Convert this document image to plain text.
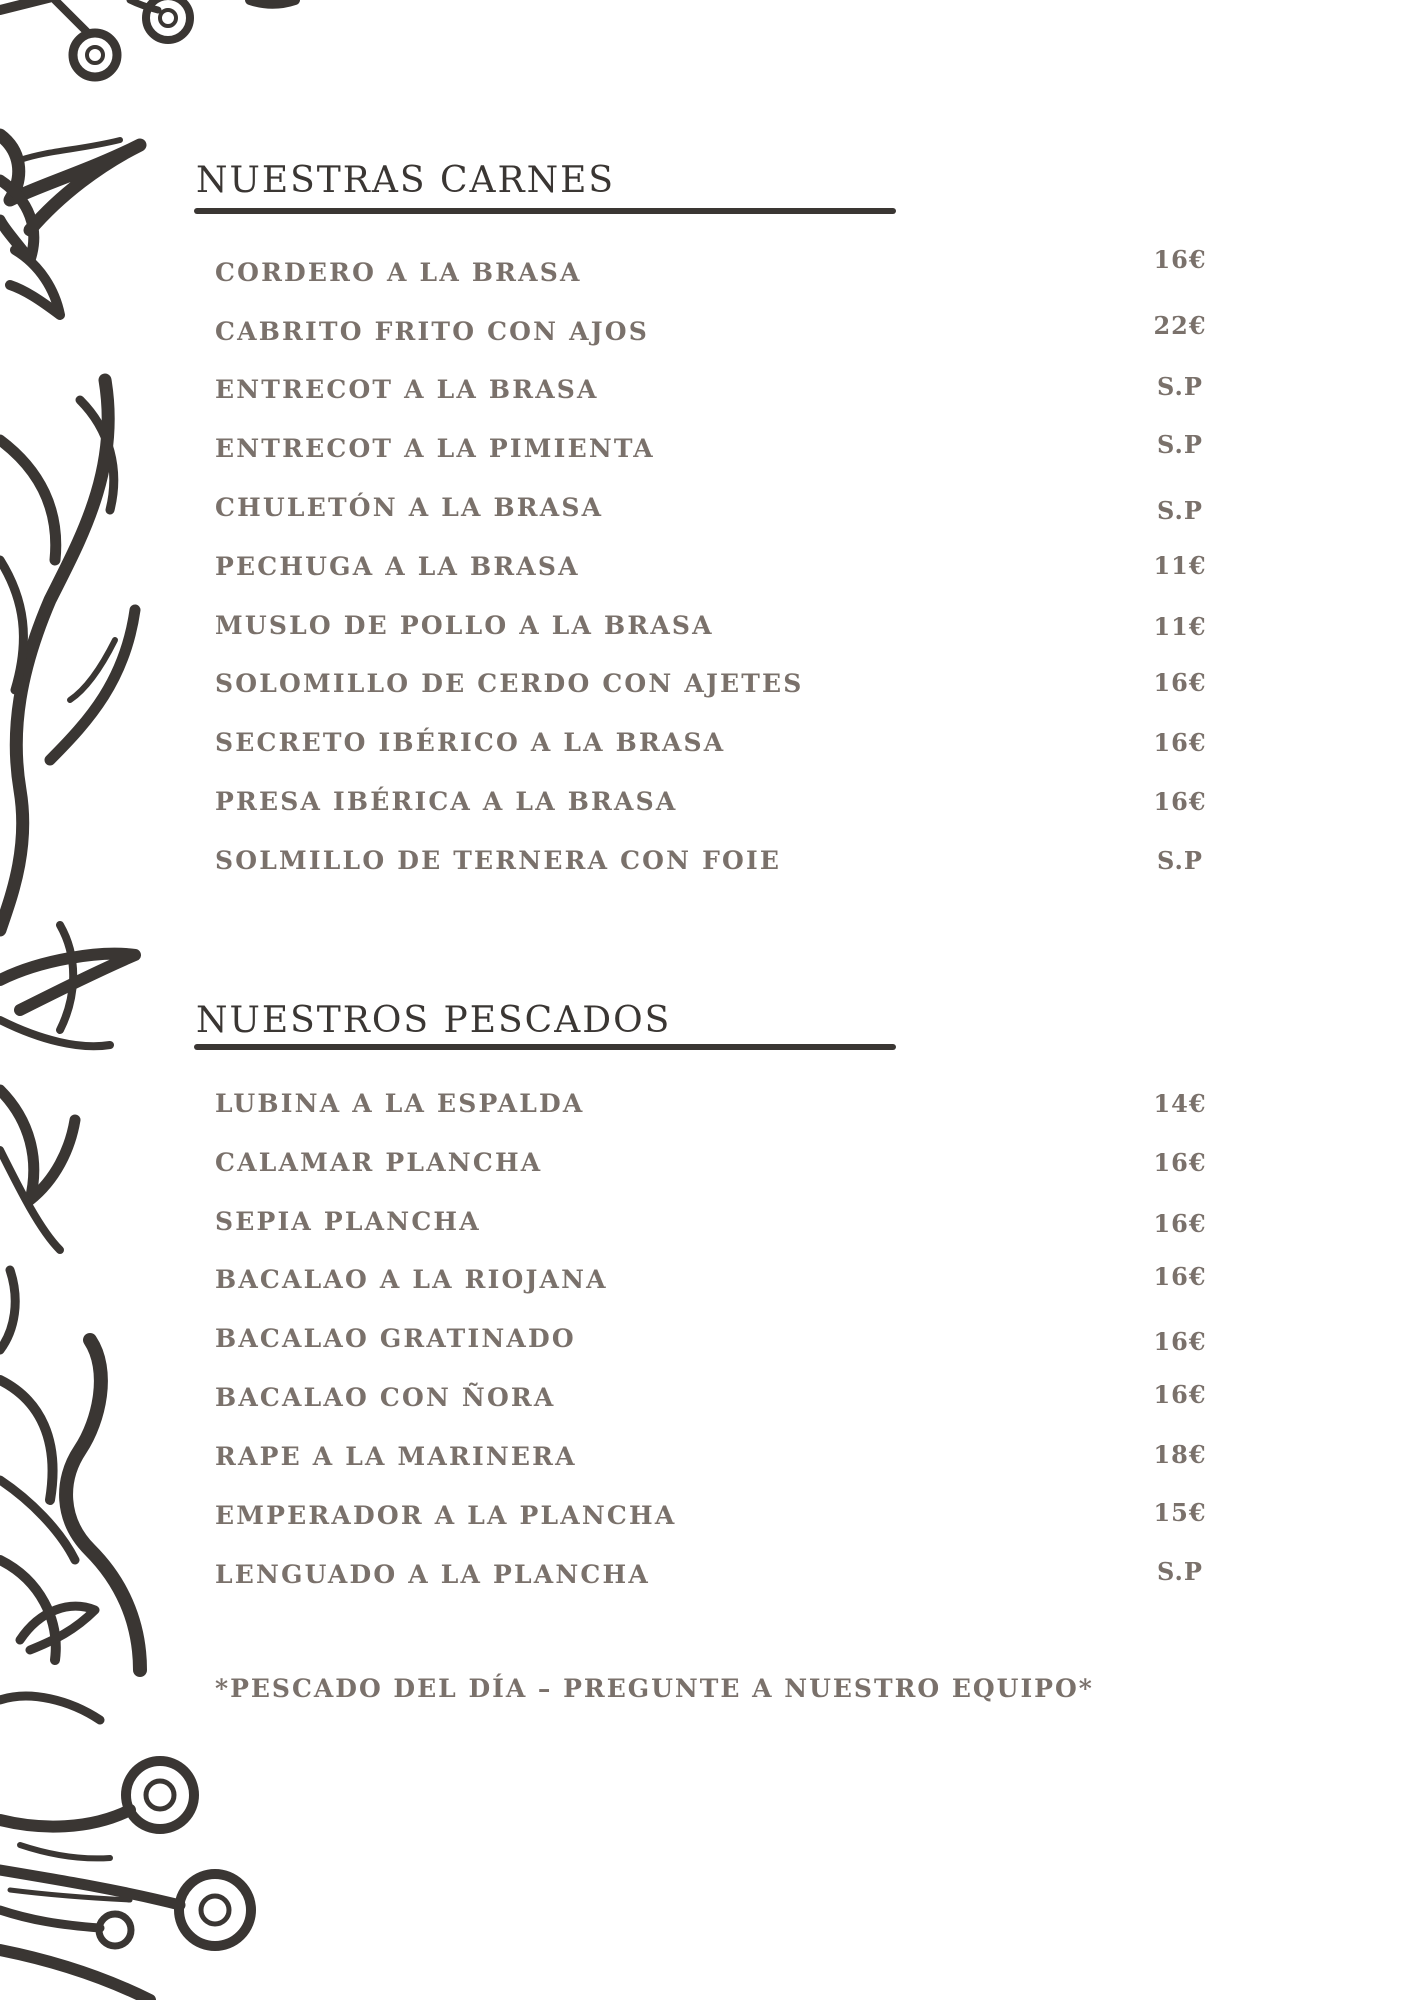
NUESTRAS CARNES
CORDERO A LA BRASA	16€
CABRITO FRITO CON AJOS	22€
ENTRECOT A LA BRASA	S.P
ENTRECOT A LA PIMIENTA	S.P
CHULETÓN A LA BRASA	S.P
PECHUGA A LA BRASA	11€
MUSLO DE POLLO A LA BRASA	11€
SOLOMILLO DE CERDO CON AJETES	16€
SECRETO IBÉRICO A LA BRASA	16€
PRESA IBÉRICA A LA BRASA	16€
SOLMILLO DE TERNERA CON FOIE	S.P
NUESTROS PESCADOS
LUBINA A LA ESPALDA	14€
CALAMAR PLANCHA	16€
SEPIA PLANCHA	16€
BACALAO A LA RIOJANA	16€
BACALAO GRATINADO	16€
BACALAO CON ÑORA	16€
RAPE A LA MARINERA	18€
EMPERADOR A LA PLANCHA	15€
LENGUADO A LA PLANCHA	S.P
*PESCADO DEL DÍA – PREGUNTE A NUESTRO EQUIPO*
